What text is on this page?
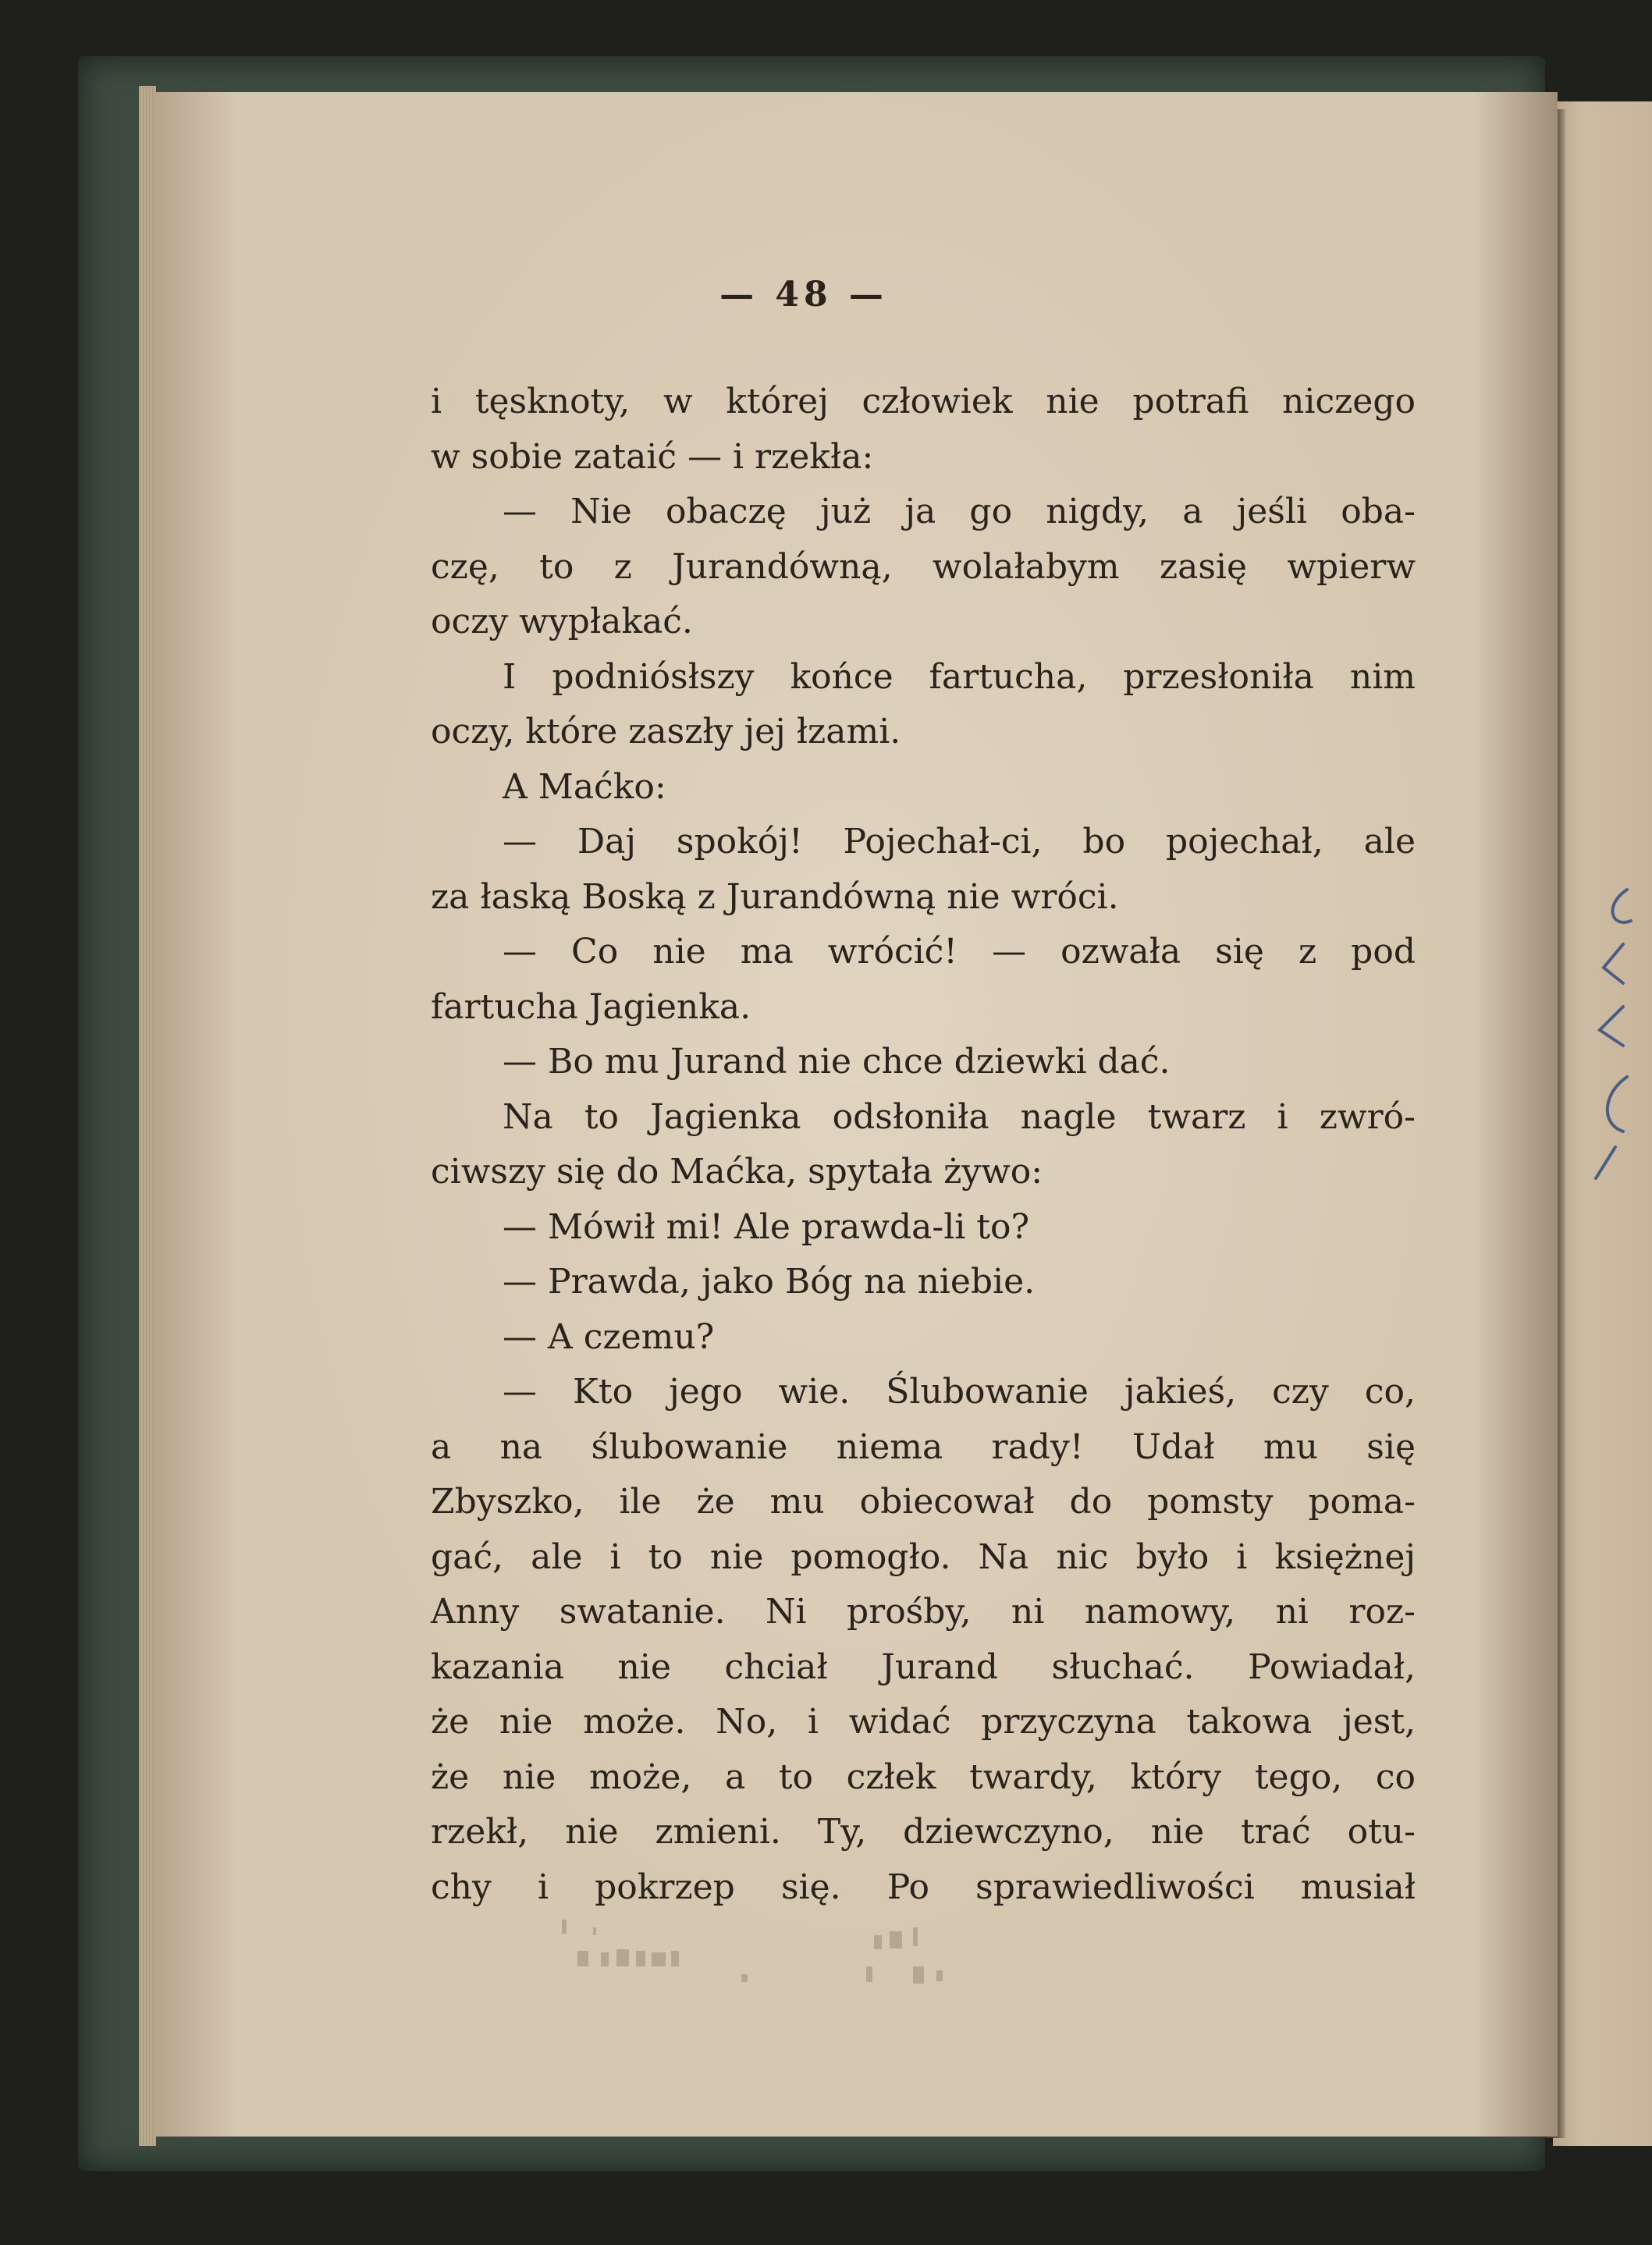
— 48 —
i tęsknoty, w której człowiek nie potrafi niczego
w sobie zataić — i rzekła:
— Nie obaczę już ja go nigdy, a jeśli oba-
czę, to z Jurandówną, wolałabym zasię wpierw
oczy wypłakać.
I podniósłszy końce fartucha, przesłoniła nim
oczy, które zaszły jej łzami.
A Maćko:
— Daj spokój! Pojechał-ci, bo pojechał, ale
za łaską Boską z Jurandówną nie wróci.
— Co nie ma wrócić! — ozwała się z pod
fartucha Jagienka.
— Bo mu Jurand nie chce dziewki dać.
Na to Jagienka odsłoniła nagle twarz i zwró-
ciwszy się do Maćka, spytała żywo:
— Mówił mi! Ale prawda-li to?
— Prawda, jako Bóg na niebie.
— A czemu?
— Kto jego wie. Ślubowanie jakieś, czy co,
a na ślubowanie niema rady! Udał mu się
Zbyszko, ile że mu obiecował do pomsty poma-
gać, ale i to nie pomogło. Na nic było i księżnej
Anny swatanie. Ni prośby, ni namowy, ni roz-
kazania nie chciał Jurand słuchać. Powiadał,
że nie może. No, i widać przyczyna takowa jest,
że nie może, a to człek twardy, który tego, co
rzekł, nie zmieni. Ty, dziewczyno, nie trać otu-
chy i pokrzep się. Po sprawiedliwości musiał
